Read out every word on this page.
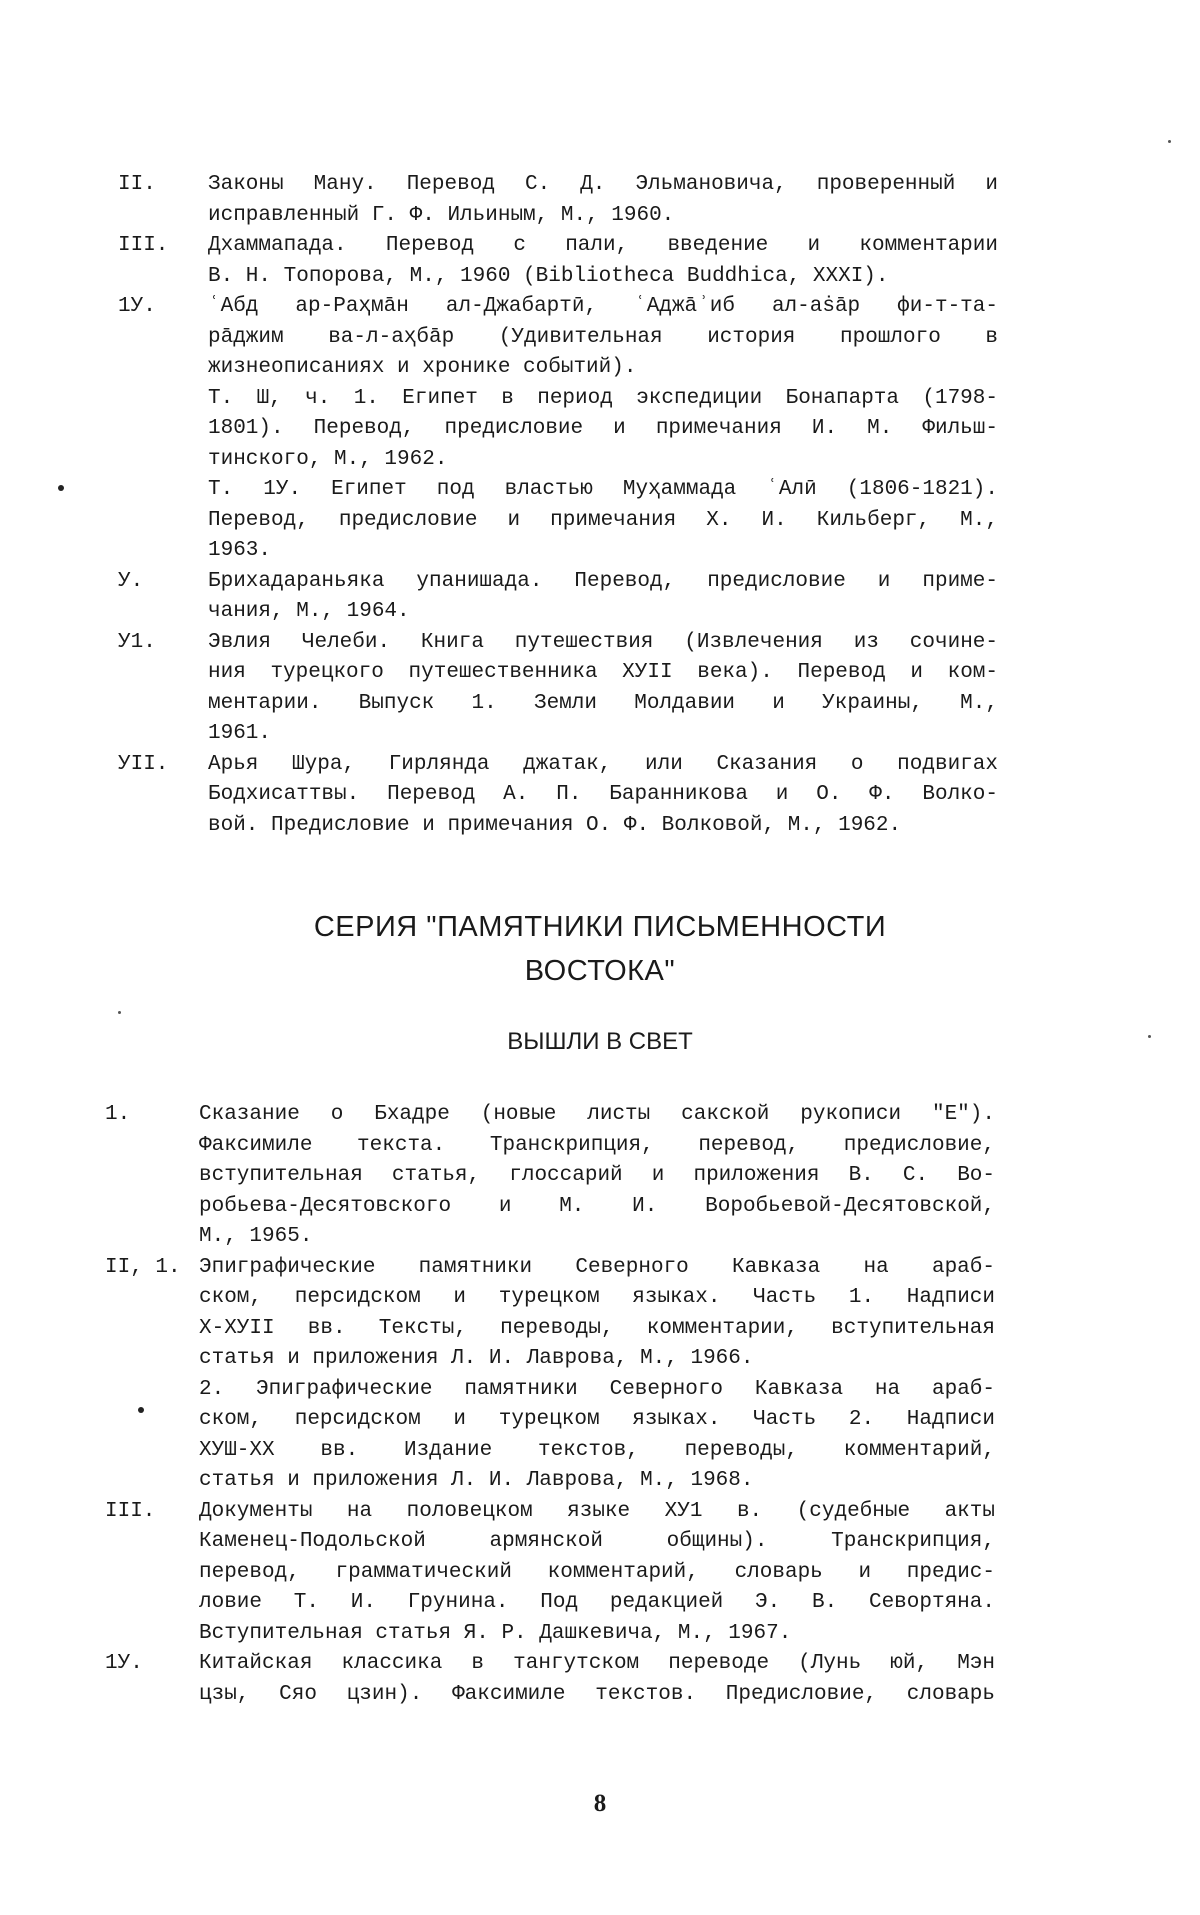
II.	Законы Ману. Перевод С. Д. Эльмановича, проверенный и
исправленный Г. Ф. Ильиным, М., 1960.
III.	Дхаммапада. Перевод с пали, введение и комментарии
В. Н. Топорова, М., 1960 (Bibliotheca Buddhica, XXXI).
1У.	ʿАбд ар-Раҳмāн ал-Джабартӣ, ʿАджāʾиб ал-аṡāр фи-т-та-
рāджим ва-л-аҳбāр (Удивительная история прошлого в
жизнеописаниях и хронике событий).
Т. Ш, ч. 1. Египет в период экспедиции Бонапарта (1798-
1801). Перевод, предисловие и примечания И. М. Фильш-
тинского, М., 1962.
Т. 1У. Египет под властью Муҳаммада ʿАлӣ (1806-1821).
Перевод, предисловие и примечания Х. И. Кильберг, М.,
1963.
У.	Брихадараньяка упанишада. Перевод, предисловие и приме-
чания, М., 1964.
У1.	Эвлия Челеби. Книга путешествия (Извлечения из сочине-
ния турецкого путешественника ХУII века). Перевод и ком-
ментарии. Выпуск 1. Земли Молдавии и Украины, М.,
1961.
УII.	Арья Шура, Гирлянда джатак, или Сказания о подвигах
Бодхисаттвы. Перевод А. П. Баранникова и О. Ф. Волко-
вой. Предисловие и примечания О. Ф. Волковой, М., 1962.
СЕРИЯ "ПАМЯТНИКИ ПИСЬМЕННОСТИ
ВОСТОКА"
ВЫШЛИ В СВЕТ
1.	Сказание о Бхадре (новые листы сакской рукописи "Е").
Факсимиле текста. Транскрипция, перевод, предисловие,
вступительная статья, глоссарий и приложения В. С. Во-
робьева-Десятовского и М. И. Воробьевой-Десятовской,
М., 1965.
II, 1. Эпиграфические памятники Северного Кавказа на араб-
ском, персидском и турецком языках. Часть 1. Надписи
Х-ХУII вв. Тексты, переводы, комментарии, вступительная
статья и приложения Л. И. Лаврова, М., 1966.
2. Эпиграфические памятники Северного Кавказа на араб-
ском, персидском и турецком языках. Часть 2. Надписи
ХУШ-ХХ вв. Издание текстов, переводы, комментарий,
статья и приложения Л. И. Лаврова, М., 1968.
III.	Документы на половецком языке ХУ1 в. (судебные акты
Каменец-Подольской армянской общины). Транскрипция,
перевод, грамматический комментарий, словарь и предис-
ловие Т. И. Грунина. Под редакцией Э. В. Севортяна.
Вступительная статья Я. Р. Дашкевича, М., 1967.
1У.	Китайская классика в тангутском переводе (Лунь юй, Мэн
цзы, Сяо цзин). Факсимиле текстов. Предисловие, словарь
8
